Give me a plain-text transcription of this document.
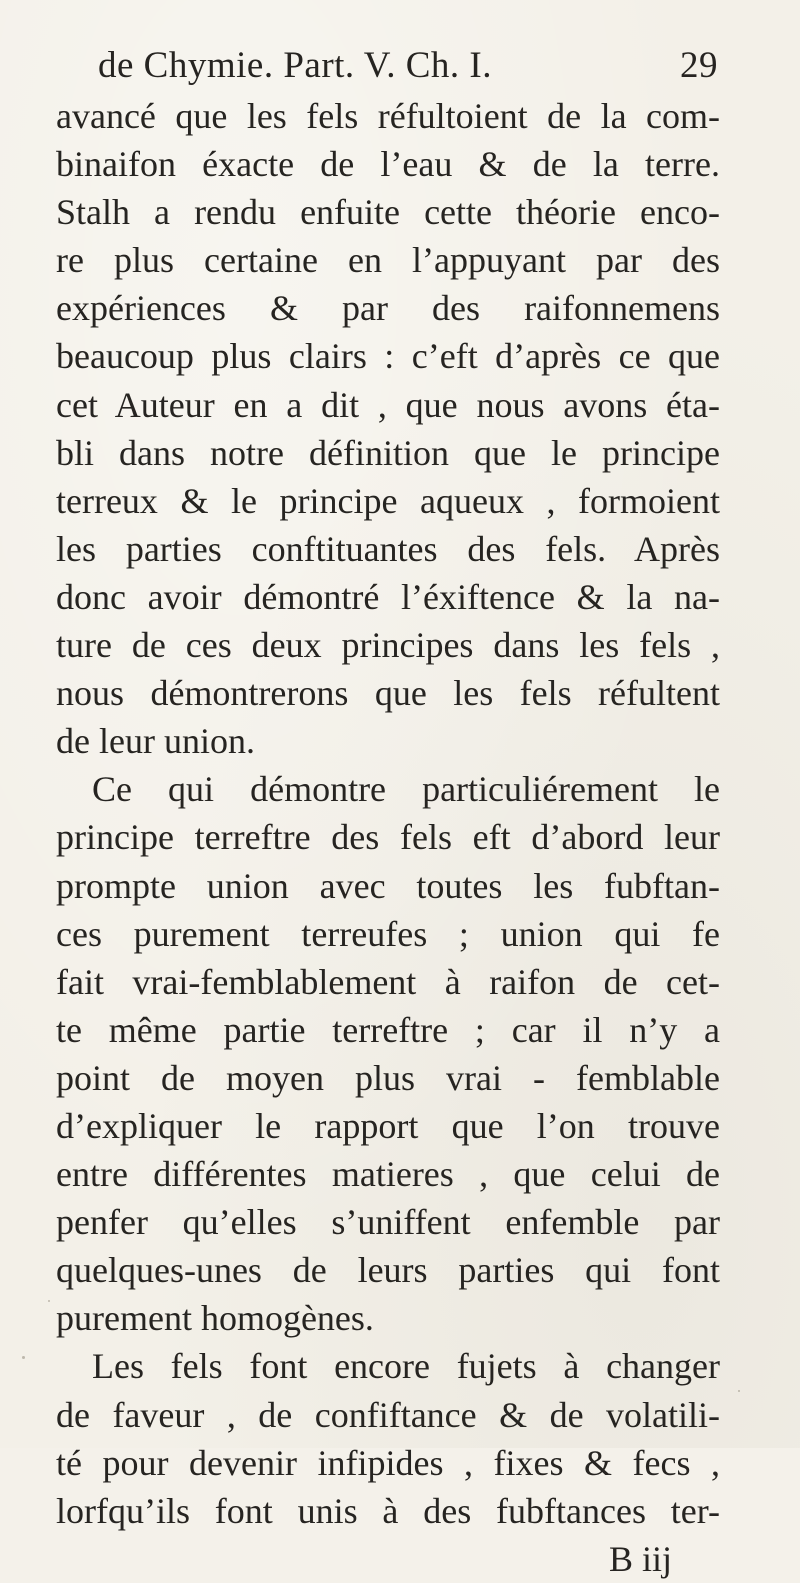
de Chymie. Part. V. Ch. I.	29
avancé que les fels réfultoient de la com-
binaifon éxacte de l’eau & de la terre.
Stalh a rendu enfuite cette théorie enco-
re plus certaine en l’appuyant par des
expériences & par des raifonnemens
beaucoup plus clairs : c’eft d’après ce que
cet Auteur en a dit , que nous avons éta-
bli dans notre définition que le principe
terreux & le principe aqueux , formoient
les parties conftituantes des fels. Après
donc avoir démontré l’éxiftence & la na-
ture de ces deux principes dans les fels ,
nous démontrerons que les fels réfultent
de leur union.
Ce qui démontre particuliérement le
principe terreftre des fels eft d’abord leur
prompte union avec toutes les fubftan-
ces purement terreufes ; union qui fe
fait vrai-femblablement à raifon de cet-
te même partie terreftre ; car il n’y a
point de moyen plus vrai - femblable
d’expliquer le rapport que l’on trouve
entre différentes matieres , que celui de
penfer qu’elles s’uniffent enfemble par
quelques-unes de leurs parties qui font
purement homogènes.
Les fels font encore fujets à changer
de faveur , de confiftance & de volatili-
té pour devenir infipides , fixes & fecs ,
lorfqu’ils font unis à des fubftances ter-
B iij
